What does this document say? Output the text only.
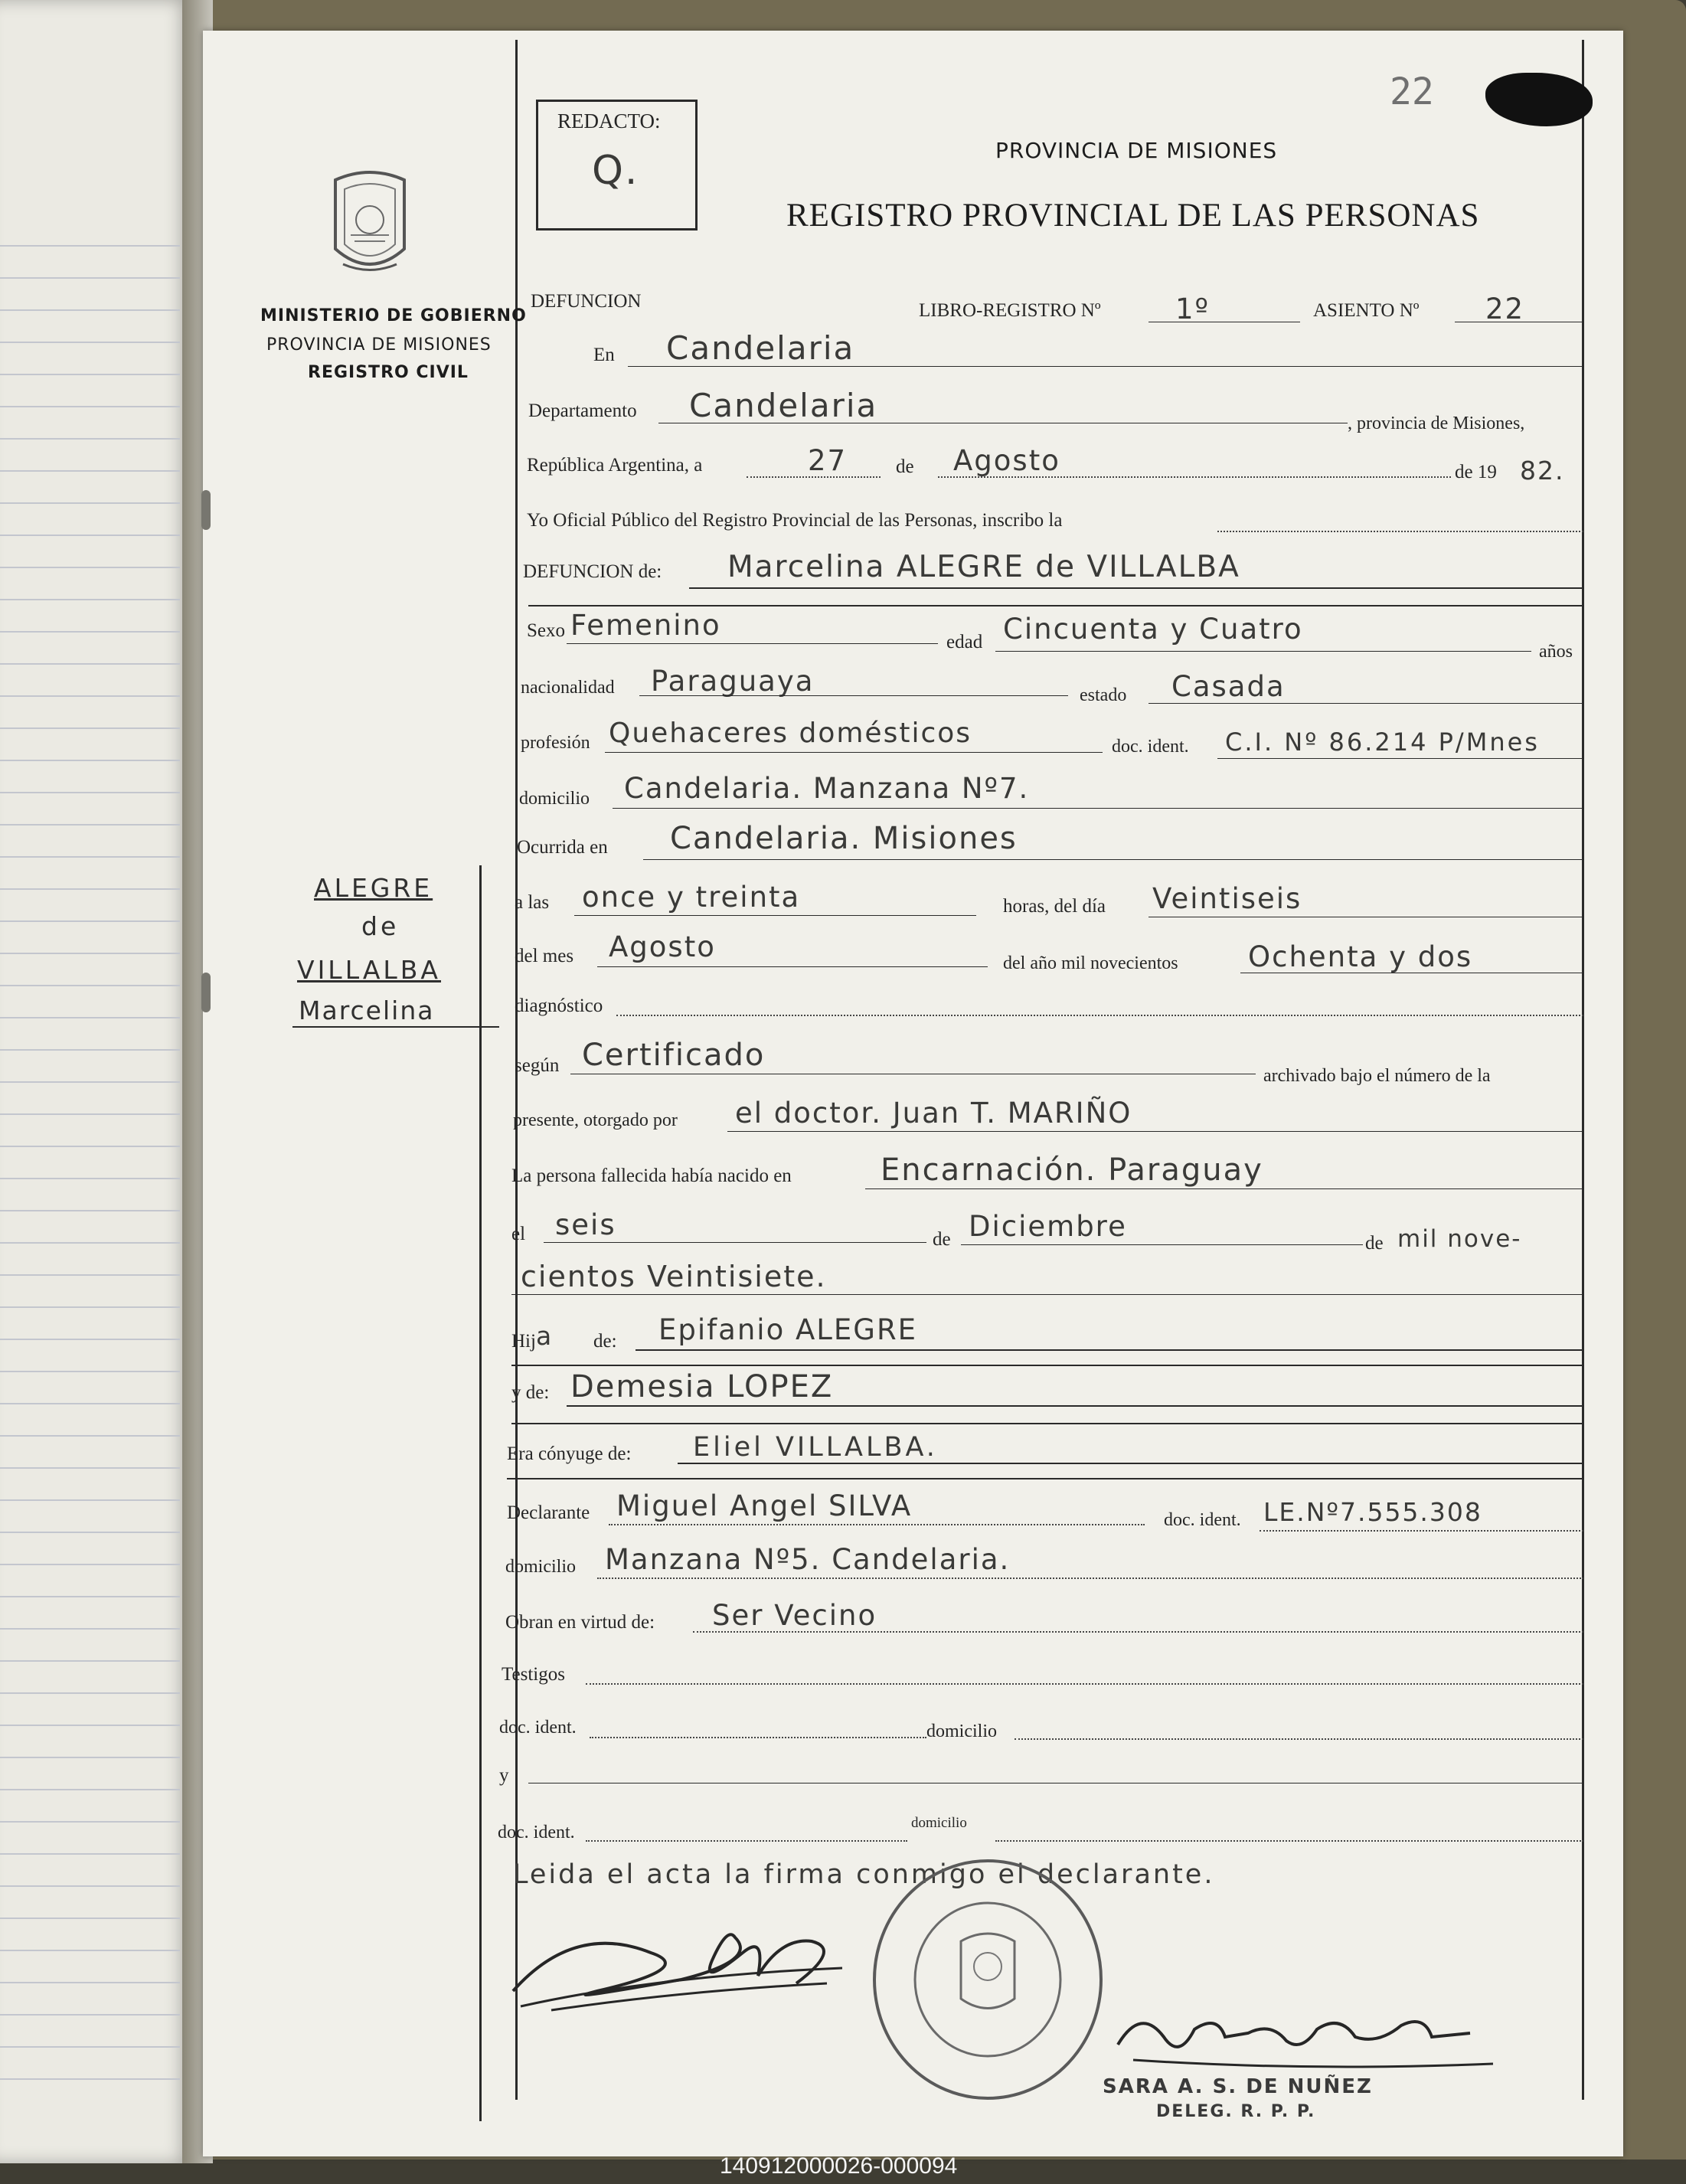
22
REDACTO:
Q.	PROVINCIA DE MISIONES
REGISTRO PROVINCIAL DE LAS PERSONAS
MINISTERIO DE GOBIERNO
PROVINCIA DE MISIONES
REGISTRO CIVIL
ALEGRE
de
VILLALBA
Marcelina
DEFUNCION	LIBRO-REGISTRO Nº	1º	ASIENTO Nº 22
En Candelaria
Departamento Candelaria	, provincia de Misiones,
República Argentina, a	27	de Agosto	de 19 82.
Yo Oficial Público del Registro Provincial de las Personas, inscribo la
DEFUNCION de: Marcelina ALEGRE de VILLALBA
Sexo Femenino
edad Cincuenta y Cuatro
años
nacionalidad Paraguaya	estado Casada
profesión Quehaceres domésticos	doc. ident. C.I. Nº 86.214 P/Mnes
domicilio Candelaria. Manzana Nº7.
Ocurrida en Candelaria. Misiones
a las once y treinta	horas, del día Veintiseis
del mes Agosto	del año mil novecientos Ochenta y dos
diagnóstico
según Certificado
archivado bajo el número de la
presente, otorgado por el doctor. Juan T. MARIÑO
La persona fallecida había nacido en	Encarnación. Paraguay
el seis	de Diciembre
de mil nove-
cientos Veintisiete.
Hij a de: Epifanio ALEGRE
y de: Demesia LOPEZ
Era cónyuge de: Eliel VILLALBA.
Declarante Miguel Angel SILVA	doc. ident. LE.Nº7.555.308
domicilio Manzana Nº5. Candelaria.
Obran en virtud de: Ser Vecino
Testigos
doc. ident.	domicilio
y
doc. ident.	domicilio
Leida el acta la firma conmigo el declarante.
SARA A. S. DE NUÑEZ
DELEG. R. P. P.
140912000026-000094
